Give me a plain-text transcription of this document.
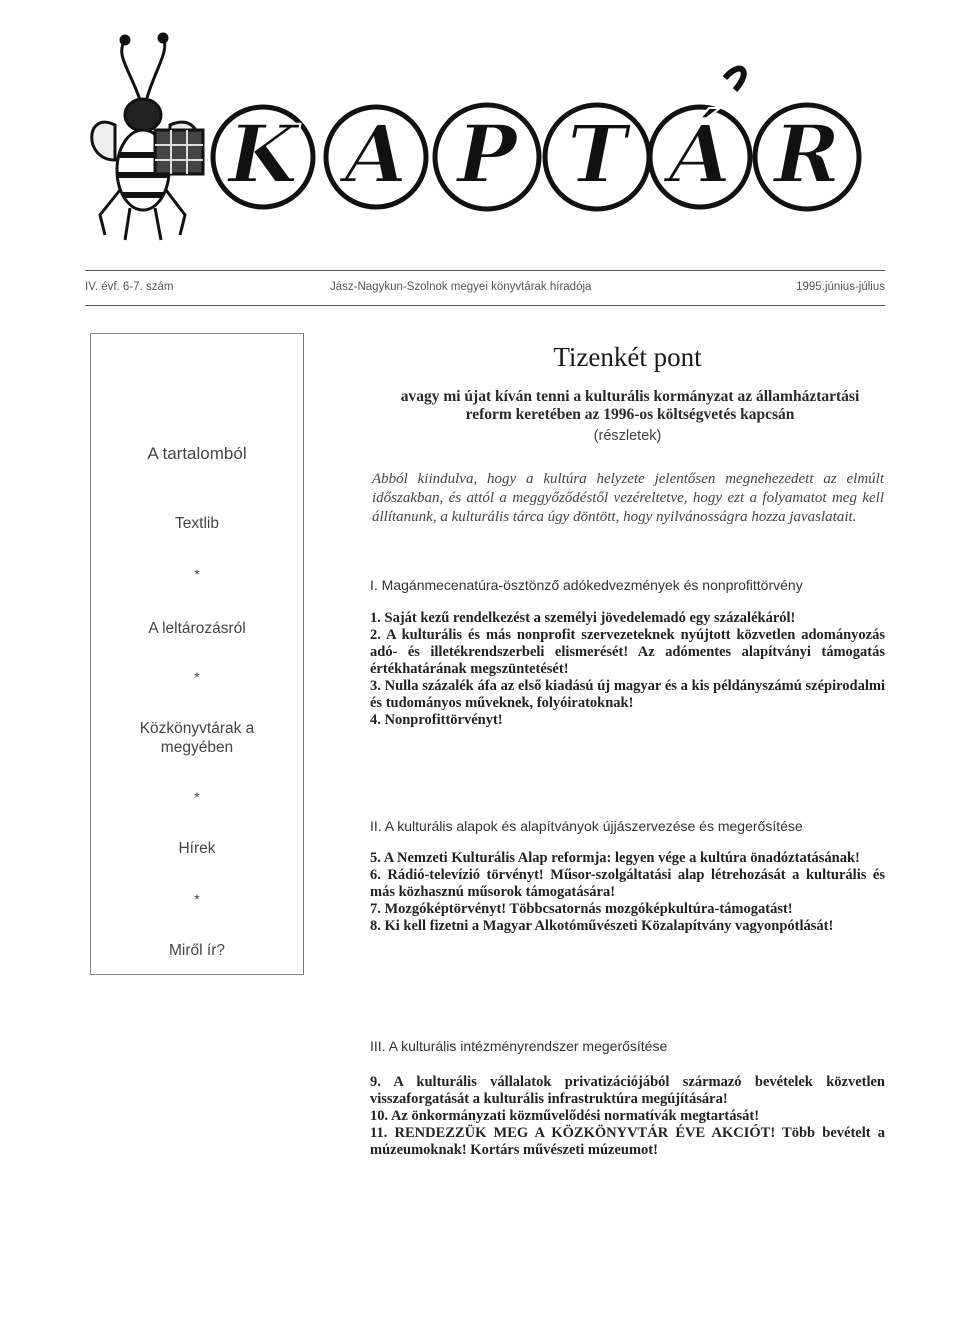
K A P T Á R
IV. évf. 6-7. szám	Jász-Nagykun-Szolnok megyei könyvtárak híradója	1995.június-július
A tartalomból
Textlib
*
A leltározásról
*
Közkönyvtárak a megyében
*
Hírek
*
Miről ír?
Tizenkét pont
avagy mi újat kíván tenni a kulturális kormányzat az államháztartási reform keretében az 1996-os költségvetés kapcsán
(részletek)
Abból kiindulva, hogy a kultúra helyzete jelentősen megnehezedett az elmúlt időszakban, és attól a meggyőződéstől vezéreltetve, hogy ezt a folyamatot meg kell állítanunk, a kulturális tárca úgy döntött, hogy nyilvánosságra hozza javaslatait.
I. Magánmecenatúra-ösztönző adókedvezmények és nonprofittörvény

1. Saját kezű rendelkezést a személyi jövedelemadó egy százalékáról!

2. A kulturális és más nonprofit szervezeteknek nyújtott közvetlen adományozás adó- és illetékrendszerbeli elismerését! Az adómentes alapítványi támogatás értékhatárának megszüntetését!

3. Nulla százalék áfa az első kiadású új magyar és a kis példányszámú szépirodalmi és tudományos műveknek, folyóiratoknak!

4. Nonprofittörvényt!

II. A kulturális alapok és alapítványok újjászervezése és megerősítése

5. A Nemzeti Kulturális Alap reformja: legyen vége a kultúra önadóztatásának!

6. Rádió-televízió törvényt! Műsor-szolgáltatási alap létrehozását a kulturális és más közhasznú műsorok támogatására!

7. Mozgóképtörvényt! Többcsatornás mozgóképkultúra-támogatást!

8. Ki kell fizetni a Magyar Alkotóművészeti Közalapítvány vagyonpótlását!

III. A kulturális intézményrendszer megerősítése

9. A kulturális vállalatok privatizációjából származó bevételek közvetlen visszaforgatását a kulturális infrastruktúra megújítására!

10. Az önkormányzati közművelődési normatívák megtartását!

11. RENDEZZÜK MEG A KÖZKÖNYVTÁR ÉVE AKCIÓT! Több bevételt a múzeumoknak! Kortárs művészeti múzeumot!
